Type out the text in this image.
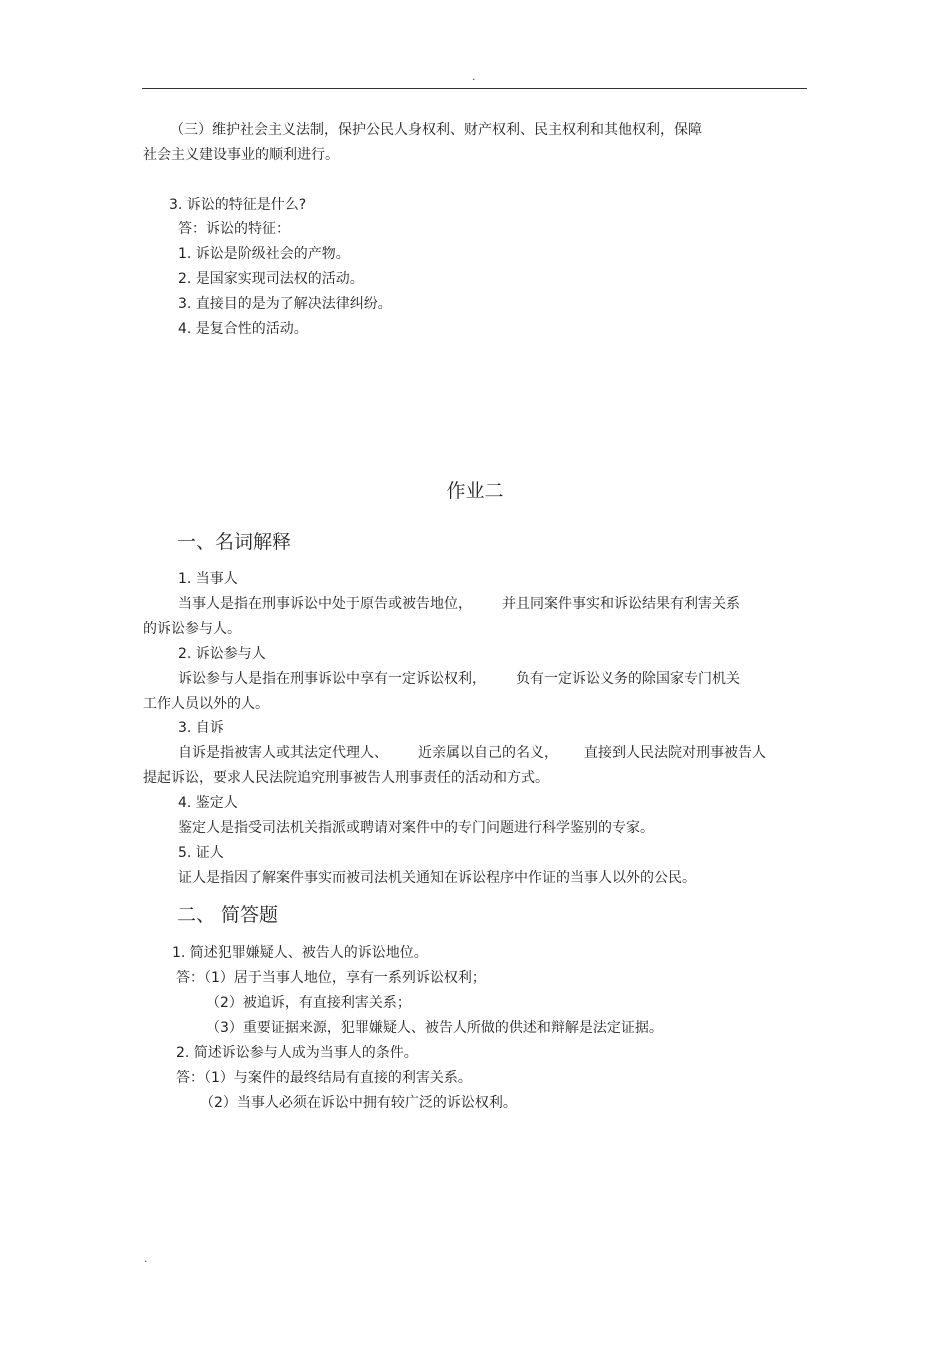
.
（三）维护社会主义法制，保护公民人身权利、财产权利、民主权利和其他权利，保障
社会主义建设事业的顺利进行。
3. 诉讼的特征是什么?
答：诉讼的特征：
1. 诉讼是阶级社会的产物。
2. 是国家实现司法权的活动。
3. 直接目的是为了解决法律纠纷。
4. 是复合性的活动。
作业二
一、名词解释
1. 当事人
当事人是指在刑事诉讼中处于原告或被告地位， 并且同案件事实和诉讼结果有利害关系
的诉讼参与人。
2. 诉讼参与人
诉讼参与人是指在刑事诉讼中享有一定诉讼权利， 负有一定诉讼义务的除国家专门机关
工作人员以外的人。
3. 自诉
自诉是指被害人或其法定代理人、 近亲属以自己的名义， 直接到人民法院对刑事被告人
提起诉讼，要求人民法院追究刑事被告人刑事责任的活动和方式。
4. 鉴定人
鉴定人是指受司法机关指派或聘请对案件中的专门问题进行科学鉴别的专家。
5. 证人
证人是指因了解案件事实而被司法机关通知在诉讼程序中作证的当事人以外的公民。
二、 简答题
1. 简述犯罪嫌疑人、被告人的诉讼地位。
答：（1）居于当事人地位，享有一系列诉讼权利；
（2）被追诉，有直接利害关系；
（3）重要证据来源，犯罪嫌疑人、被告人所做的供述和辩解是法定证据。
2. 简述诉讼参与人成为当事人的条件。
答：（1）与案件的最终结局有直接的利害关系。
（2）当事人必须在诉讼中拥有较广泛的诉讼权利。
.
